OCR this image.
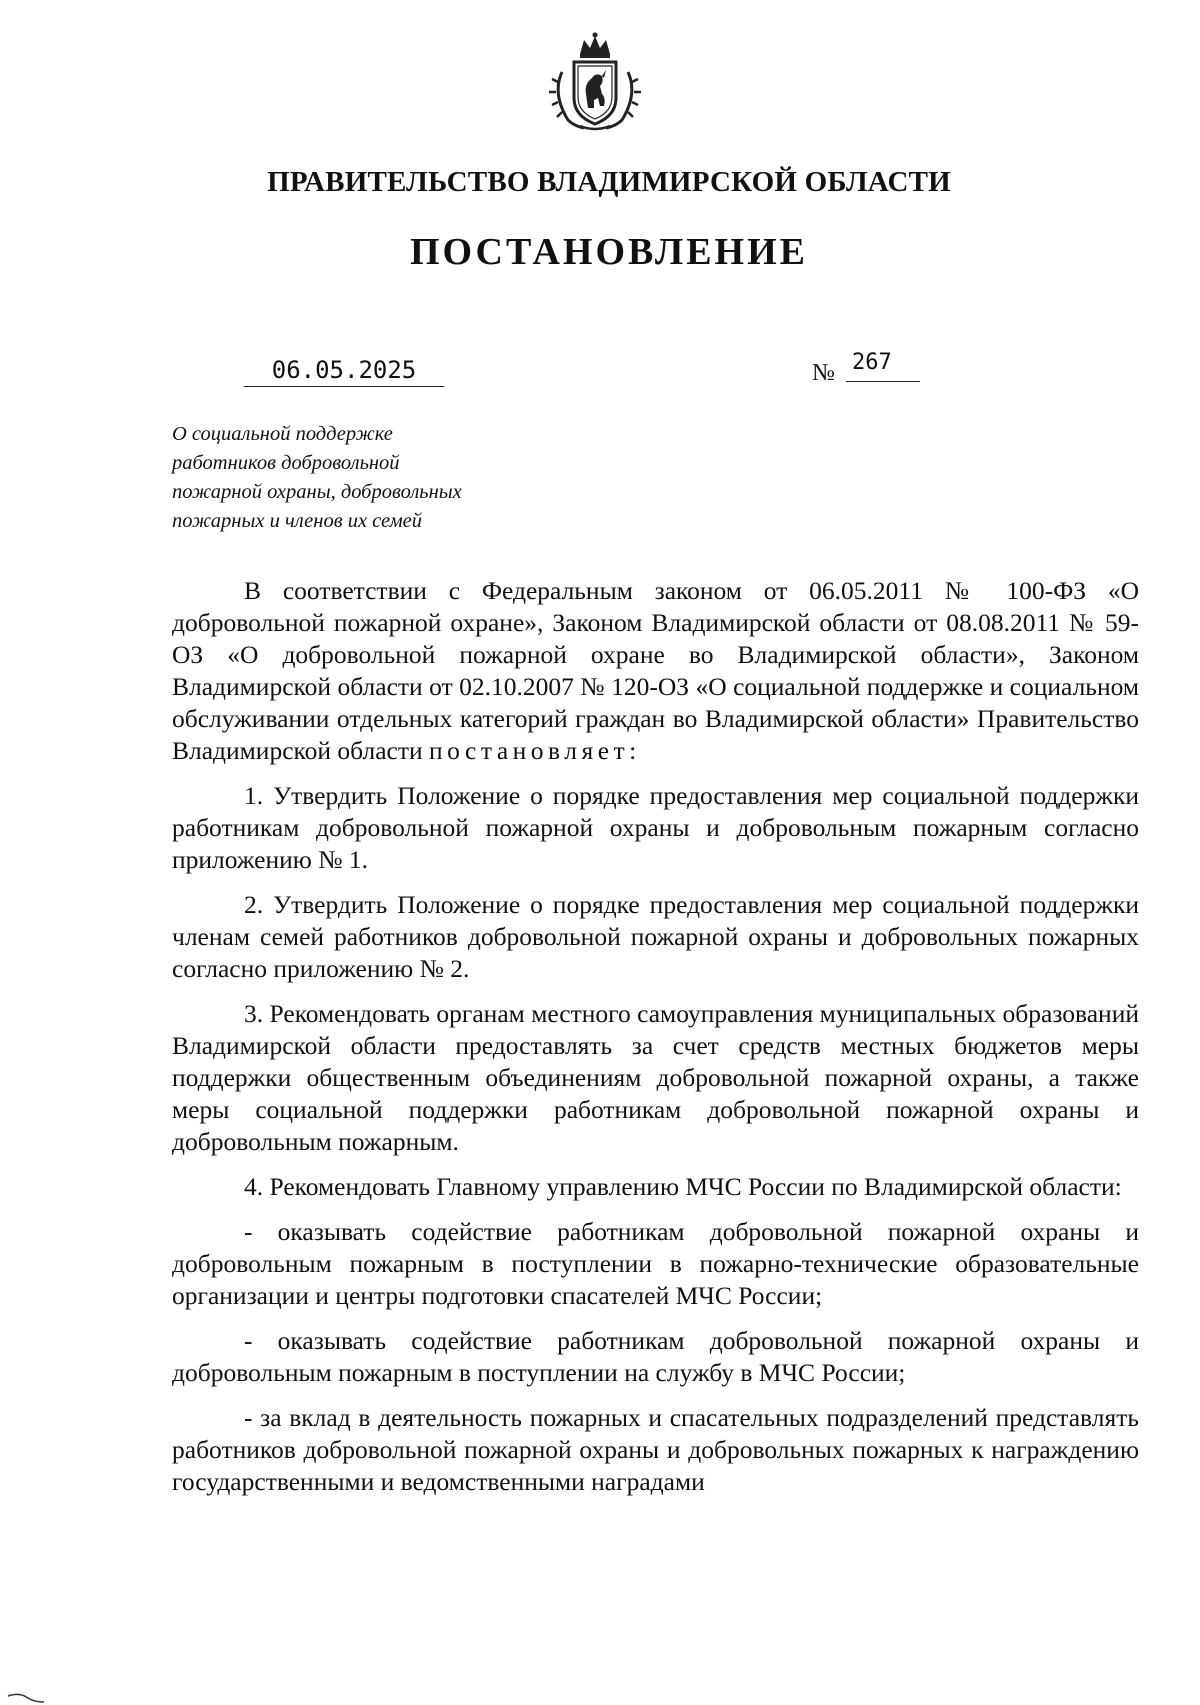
ПРАВИТЕЛЬСТВО ВЛАДИМИРСКОЙ ОБЛАСТИ
ПОСТАНОВЛЕНИЕ
06.05.2025	№ 267
О социальной поддержке
работников добровольной
пожарной охраны, добровольных
пожарных и членов их семей

В соответствии с Федеральным законом от 06.05.2011 № 100-ФЗ «О добровольной пожарной охране», Законом Владимирской области от 08.08.2011 № 59-ОЗ «О добровольной пожарной охране во Владимирской области», Законом Владимирской области от 02.10.2007 № 120-ОЗ «О социальной поддержке и социальном обслуживании отдельных категорий граждан во Владимирской области» Правительство Владимирской области постановляет:

1. Утвердить Положение о порядке предоставления мер социальной поддержки работникам добровольной пожарной охраны и добровольным пожарным согласно приложению № 1.

2. Утвердить Положение о порядке предоставления мер социальной поддержки членам семей работников добровольной пожарной охраны и добровольных пожарных согласно приложению № 2.

3. Рекомендовать органам местного самоуправления муниципальных образований Владимирской области предоставлять за счет средств местных бюджетов меры поддержки общественным объединениям добровольной пожарной охраны, а также меры социальной поддержки работникам добровольной пожарной охраны и добровольным пожарным.

4. Рекомендовать Главному управлению МЧС России по Владимирской области:

- оказывать содействие работникам добровольной пожарной охраны и добровольным пожарным в поступлении в пожарно-технические образовательные организации и центры подготовки спасателей МЧС России;

- оказывать содействие работникам добровольной пожарной охраны и добровольным пожарным в поступлении на службу в МЧС России;

- за вклад в деятельность пожарных и спасательных подразделений представлять работников добровольной пожарной охраны и добровольных пожарных к награждению государственными и ведомственными наградами
